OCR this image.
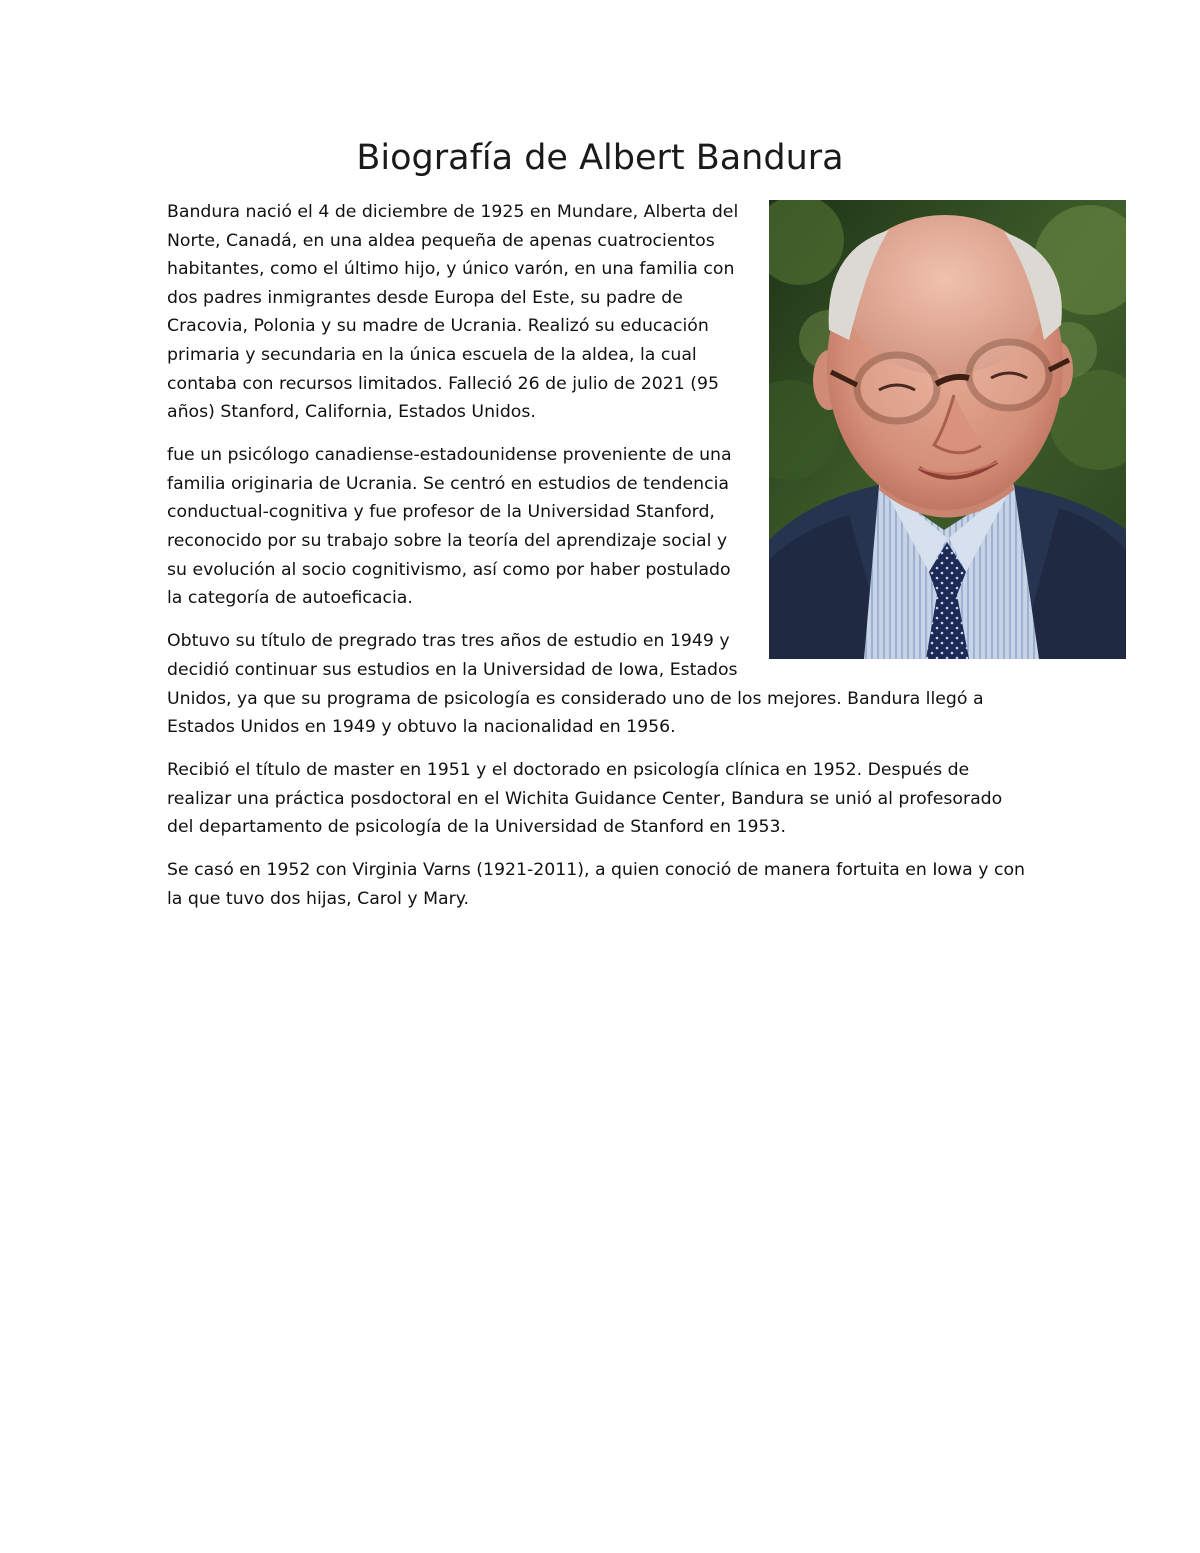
Biografía de Albert Bandura

Bandura nació el 4 de diciembre de 1925 en Mundare, Alberta del
Norte, Canadá, en una aldea pequeña de apenas cuatrocientos
habitantes, como el último hijo, y único varón, en una familia con
dos padres inmigrantes desde Europa del Este, su padre de
Cracovia, Polonia y su madre de Ucrania. Realizó su educación
primaria y secundaria en la única escuela de la aldea, la cual
contaba con recursos limitados. Falleció 26 de julio de 2021 (95
años) Stanford, California, Estados Unidos.

fue un psicólogo canadiense-estadounidense proveniente de una
familia originaria de Ucrania. Se centró en estudios de tendencia
conductual-cognitiva y fue profesor de la Universidad Stanford,
reconocido por su trabajo sobre la teoría del aprendizaje social y
su evolución al socio cognitivismo, así como por haber postulado
la categoría de autoeficacia.

Obtuvo su título de pregrado tras tres años de estudio en 1949 y
decidió continuar sus estudios en la Universidad de Iowa, Estados
Unidos, ya que su programa de psicología es considerado uno de los mejores. Bandura llegó a
Estados Unidos en 1949 y obtuvo la nacionalidad en 1956.

Recibió el título de master en 1951 y el doctorado en psicología clínica en 1952. Después de
realizar una práctica posdoctoral en el Wichita Guidance Center, Bandura se unió al profesorado
del departamento de psicología de la Universidad de Stanford en 1953.

Se casó en 1952 con Virginia Varns (1921-2011), a quien conoció de manera fortuita en Iowa y con
la que tuvo dos hijas, Carol y Mary.
